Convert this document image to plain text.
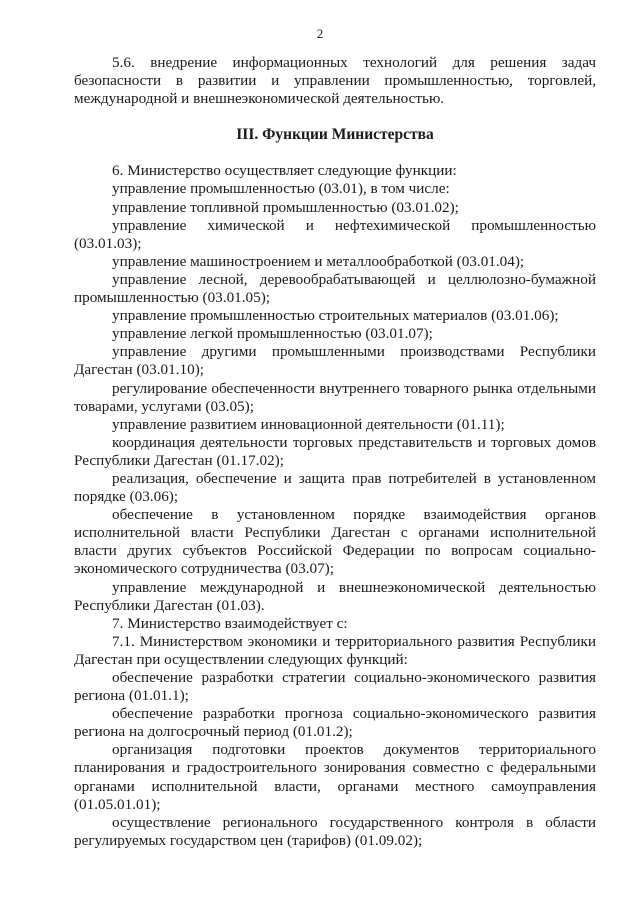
2

5.6. внедрение информационных технологий для решения задач безопасности в развитии и управлении промышленностью, торговлей, международной и внешнеэкономической деятельностью.

III. Функции Министерства

6. Министерство осуществляет следующие функции:

управление промышленностью (03.01), в том числе:

управление топливной промышленностью (03.01.02);

управление химической и нефтехимической промышленностью (03.01.03);

управление машиностроением и металлообработкой (03.01.04);

управление лесной, деревообрабатывающей и целлюлозно-бумажной промышленностью (03.01.05);

управление промышленностью строительных материалов (03.01.06);

управление легкой промышленностью (03.01.07);

управление другими промышленными производствами Республики Дагестан (03.01.10);

регулирование обеспеченности внутреннего товарного рынка отдельными товарами, услугами (03.05);

управление развитием инновационной деятельности (01.11);

координация деятельности торговых представительств и торговых домов Республики Дагестан (01.17.02);

реализация, обеспечение и защита прав потребителей в установленном порядке (03.06);

обеспечение в установленном порядке взаимодействия органов исполнительной власти Республики Дагестан с органами исполнительной власти других субъектов Российской Федерации по вопросам социально-экономического сотрудничества (03.07);

управление международной и внешнеэкономической деятельностью Республики Дагестан (01.03).

7. Министерство взаимодействует с:

7.1. Министерством экономики и территориального развития Республики Дагестан при осуществлении следующих функций:

обеспечение разработки стратегии социально-экономического развития региона (01.01.1);

обеспечение разработки прогноза социально-экономического развития региона на долгосрочный период (01.01.2);

организация подготовки проектов документов территориального планирования и градостроительного зонирования совместно с федеральными органами исполнительной власти, органами местного самоуправления (01.05.01.01);

осуществление регионального государственного контроля в области регулируемых государством цен (тарифов) (01.09.02);
